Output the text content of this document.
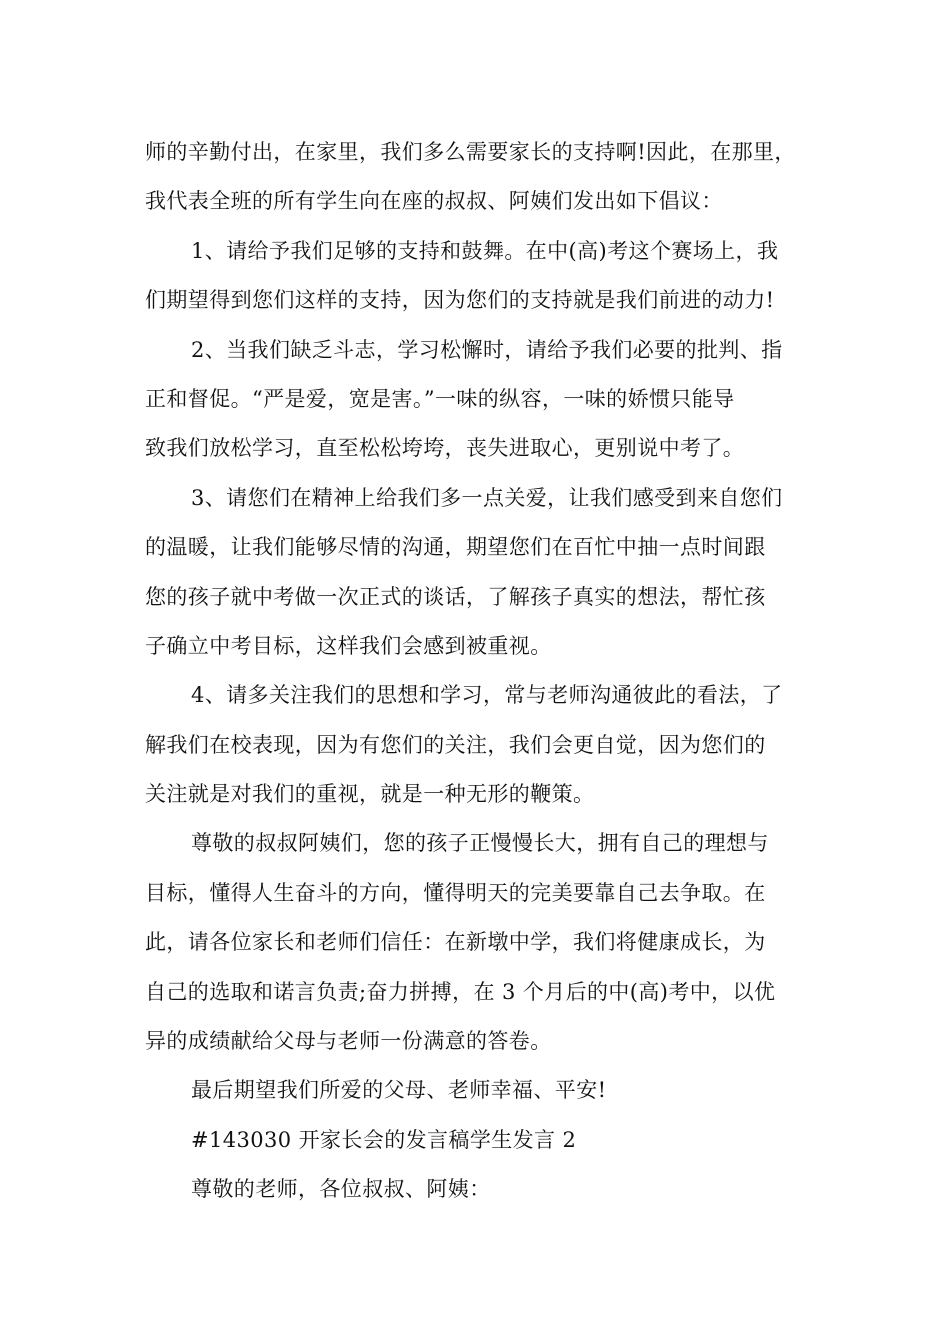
师的辛勤付出，在家里，我们多么需要家长的支持啊!因此，在那里，
我代表全班的所有学生向在座的叔叔、阿姨们发出如下倡议：
1、请给予我们足够的支持和鼓舞。在中(高)考这个赛场上，我
们期望得到您们这样的支持，因为您们的支持就是我们前进的动力!
2、当我们缺乏斗志，学习松懈时，请给予我们必要的批判、指
正和督促。“严是爱，宽是害。”一味的纵容，一味的娇惯只能导
致我们放松学习，直至松松垮垮，丧失进取心，更别说中考了。
3、请您们在精神上给我们多一点关爱，让我们感受到来自您们
的温暖，让我们能够尽情的沟通，期望您们在百忙中抽一点时间跟
您的孩子就中考做一次正式的谈话，了解孩子真实的想法，帮忙孩
子确立中考目标，这样我们会感到被重视。
4、请多关注我们的思想和学习，常与老师沟通彼此的看法，了
解我们在校表现，因为有您们的关注，我们会更自觉，因为您们的
关注就是对我们的重视，就是一种无形的鞭策。
尊敬的叔叔阿姨们，您的孩子正慢慢长大，拥有自己的理想与
目标，懂得人生奋斗的方向，懂得明天的完美要靠自己去争取。在
此，请各位家长和老师们信任：在新墩中学，我们将健康成长，为
自己的选取和诺言负责;奋力拼搏，在 3 个月后的中(高)考中，以优
异的成绩献给父母与老师一份满意的答卷。
最后期望我们所爱的父母、老师幸福、平安!
#143030 开家长会的发言稿学生发言 2
尊敬的老师，各位叔叔、阿姨：
